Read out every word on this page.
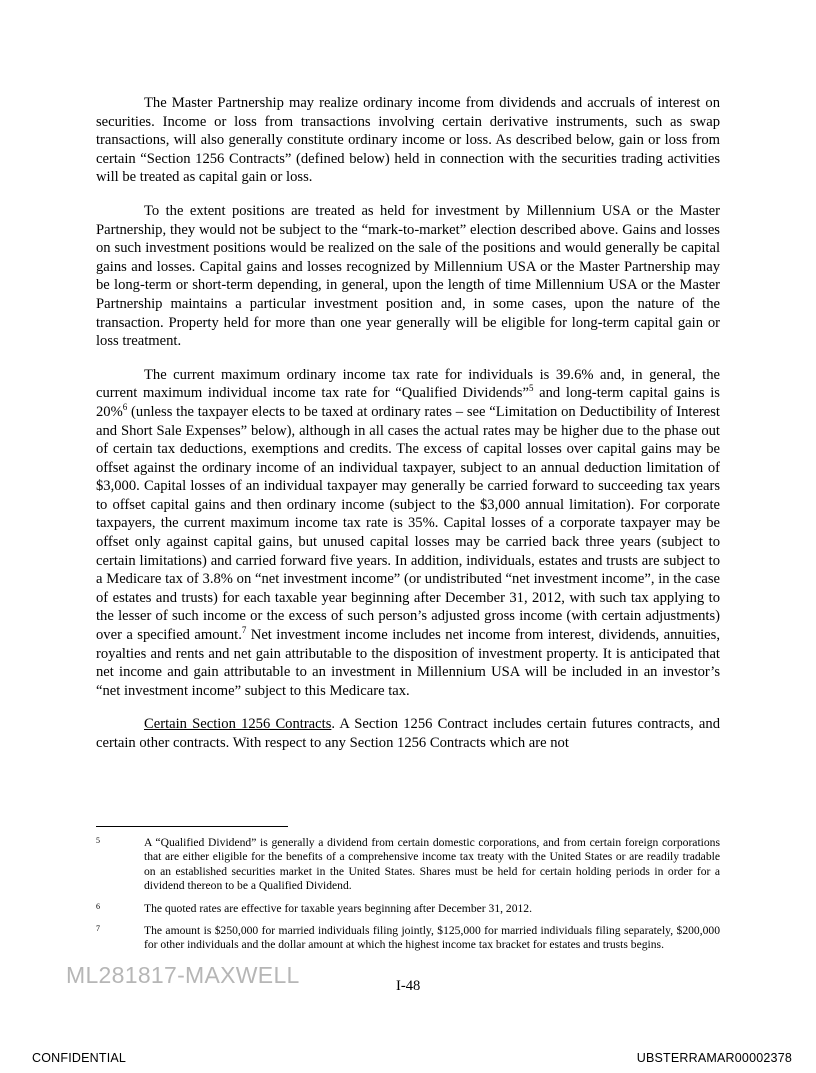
The Master Partnership may realize ordinary income from dividends and accruals of interest on securities. Income or loss from transactions involving certain derivative instruments, such as swap transactions, will also generally constitute ordinary income or loss. As described below, gain or loss from certain “Section 1256 Contracts” (defined below) held in connection with the securities trading activities will be treated as capital gain or loss.

To the extent positions are treated as held for investment by Millennium USA or the Master Partnership, they would not be subject to the “mark-to-market” election described above. Gains and losses on such investment positions would be realized on the sale of the positions and would generally be capital gains and losses. Capital gains and losses recognized by Millennium USA or the Master Partnership may be long-term or short-term depending, in general, upon the length of time Millennium USA or the Master Partnership maintains a particular investment position and, in some cases, upon the nature of the transaction. Property held for more than one year generally will be eligible for long-term capital gain or loss treatment.

The current maximum ordinary income tax rate for individuals is 39.6% and, in general, the current maximum individual income tax rate for “Qualified Dividends”$^5$ and long-term capital gains is 20%$^6$ (unless the taxpayer elects to be taxed at ordinary rates – see “Limitation on Deductibility of Interest and Short Sale Expenses” below), although in all cases the actual rates may be higher due to the phase out of certain tax deductions, exemptions and credits. The excess of capital losses over capital gains may be offset against the ordinary income of an individual taxpayer, subject to an annual deduction limitation of $3,000. Capital losses of an individual taxpayer may generally be carried forward to succeeding tax years to offset capital gains and then ordinary income (subject to the $3,000 annual limitation). For corporate taxpayers, the current maximum income tax rate is 35%. Capital losses of a corporate taxpayer may be offset only against capital gains, but unused capital losses may be carried back three years (subject to certain limitations) and carried forward five years. In addition, individuals, estates and trusts are subject to a Medicare tax of 3.8% on “net investment income” (or undistributed “net investment income”, in the case of estates and trusts) for each taxable year beginning after December 31, 2012, with such tax applying to the lesser of such income or the excess of such person’s adjusted gross income (with certain adjustments) over a specified amount.$^7$ Net investment income includes net income from interest, dividends, annuities, royalties and rents and net gain attributable to the disposition of investment property. It is anticipated that net income and gain attributable to an investment in Millennium USA will be included in an investor’s “net investment income” subject to this Medicare tax.

Certain Section 1256 Contracts. A Section 1256 Contract includes certain futures contracts, and certain other contracts. With respect to any Section 1256 Contracts which are not

5	A “Qualified Dividend” is generally a dividend from certain domestic corporations, and from certain foreign corporations that are either eligible for the benefits of a comprehensive income tax treaty with the United States or are readily tradable on an established securities market in the United States. Shares must be held for certain holding periods in order for a dividend thereon to be a Qualified Dividend.
6	The quoted rates are effective for taxable years beginning after December 31, 2012.
7	The amount is $250,000 for married individuals filing jointly, $125,000 for married individuals filing separately, $200,000 for other individuals and the dollar amount at which the highest income tax bracket for estates and trusts begins.
ML281817-MAXWELL	I-48
CONFIDENTIAL	UBSTERRAMAR00002378
